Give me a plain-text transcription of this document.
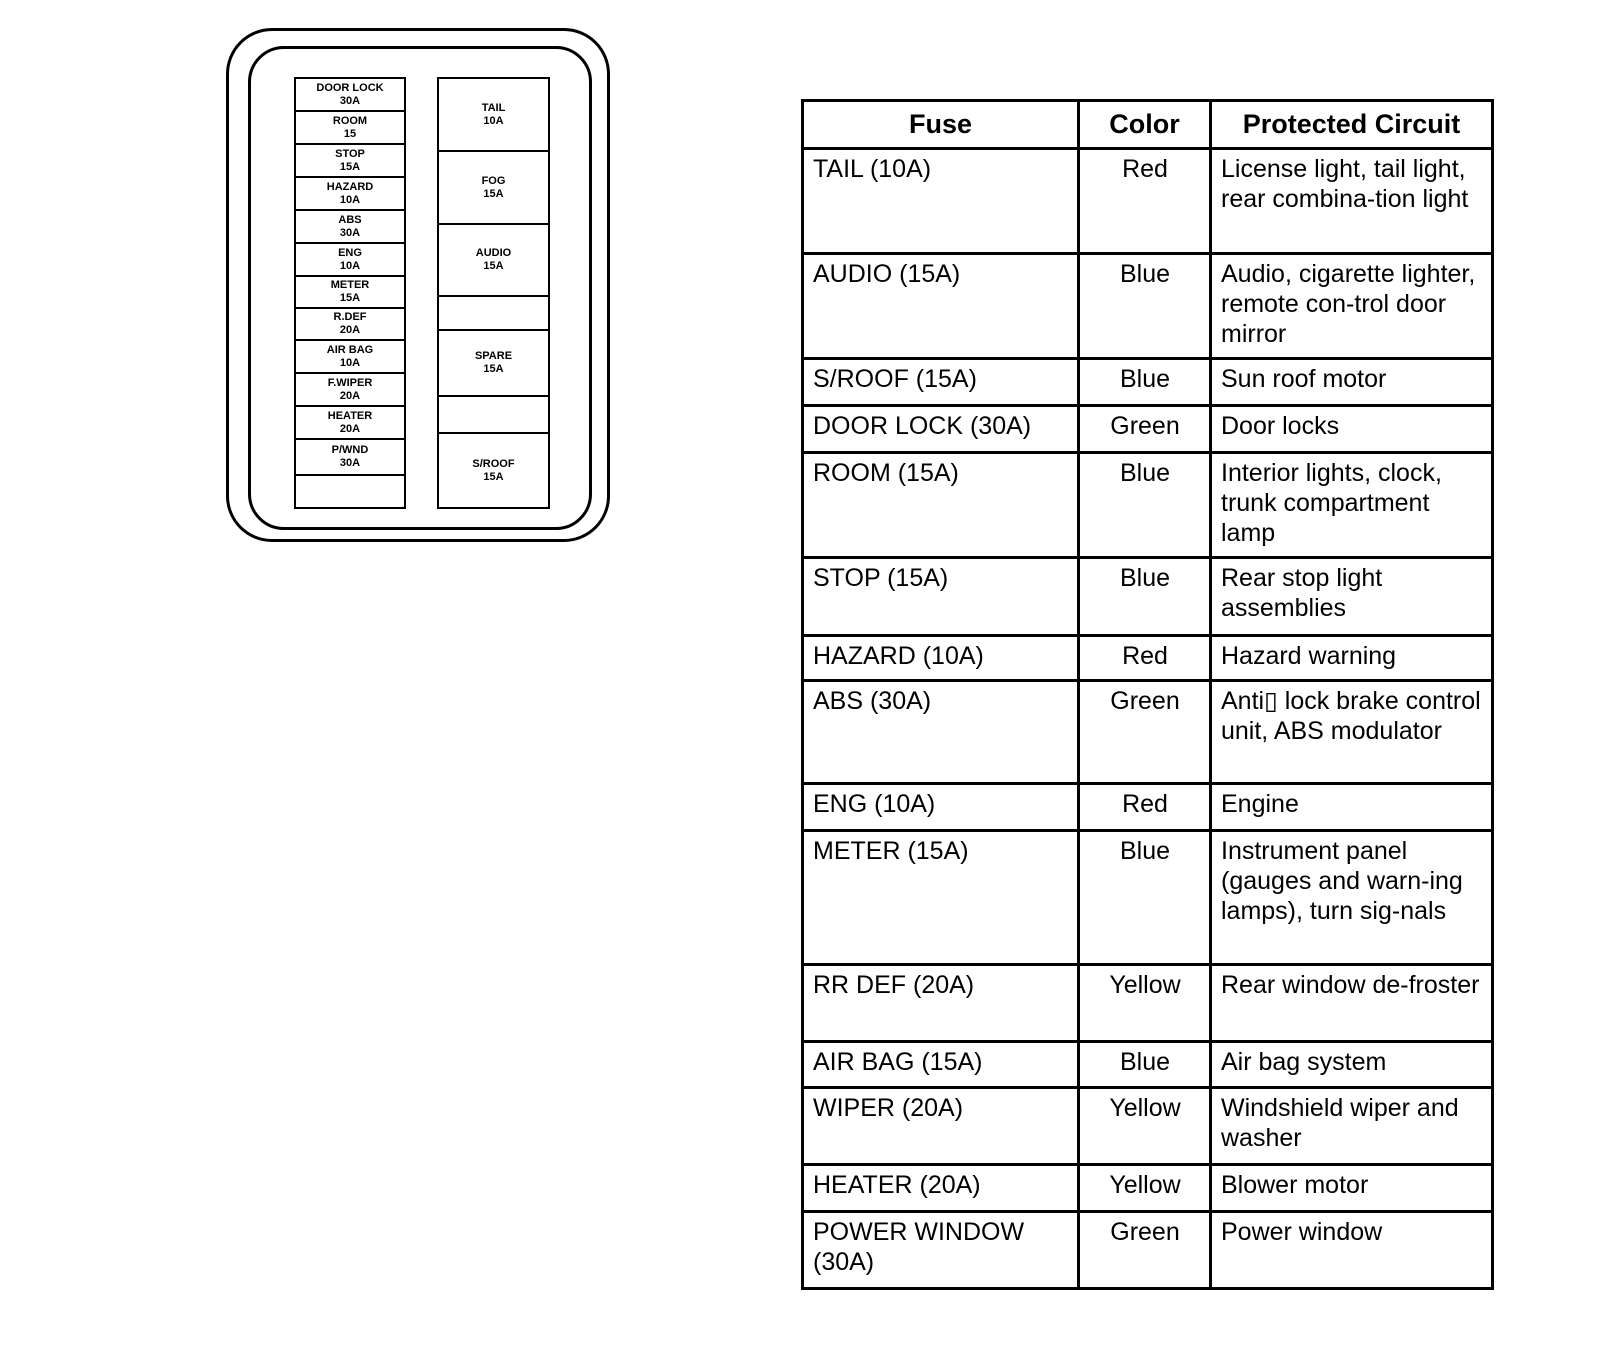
DOOR LOCK
30A
ROOM
15
STOP
15A
HAZARD
10A
ABS
30A
ENG
10A
METER
15A
R.DEF
20A
AIR BAG
10A
F.WIPER
20A
HEATER
20A
P/WND
30A
TAIL
10A
FOG
15A
AUDIO
15A
SPARE
15A
S/ROOF
15A
Fuse	Color	Protected Circuit
TAIL (10A)	Red	License light, tail light, rear combina-tion light
AUDIO (15A)	Blue	Audio, cigarette lighter, remote con-trol door mirror
S/ROOF (15A)	Blue	Sun roof motor
DOOR LOCK (30A)	Green	Door locks
ROOM (15A)	Blue	Interior lights, clock, trunk compartment lamp
STOP (15A)	Blue	Rear stop light assemblies
HAZARD (10A)	Red	Hazard warning
ABS (30A)	Green	Anti▯ lock brake control unit, ABS modulator
ENG (10A)	Red	Engine
METER (15A)	Blue	Instrument panel (gauges and warn-ing lamps), turn sig-nals
RR DEF (20A)	Yellow	Rear window de-froster
AIR BAG (15A)	Blue	Air bag system
WIPER (20A)	Yellow	Windshield wiper and washer
HEATER (20A)	Yellow	Blower motor
POWER WINDOW (30A)	Green	Power window
